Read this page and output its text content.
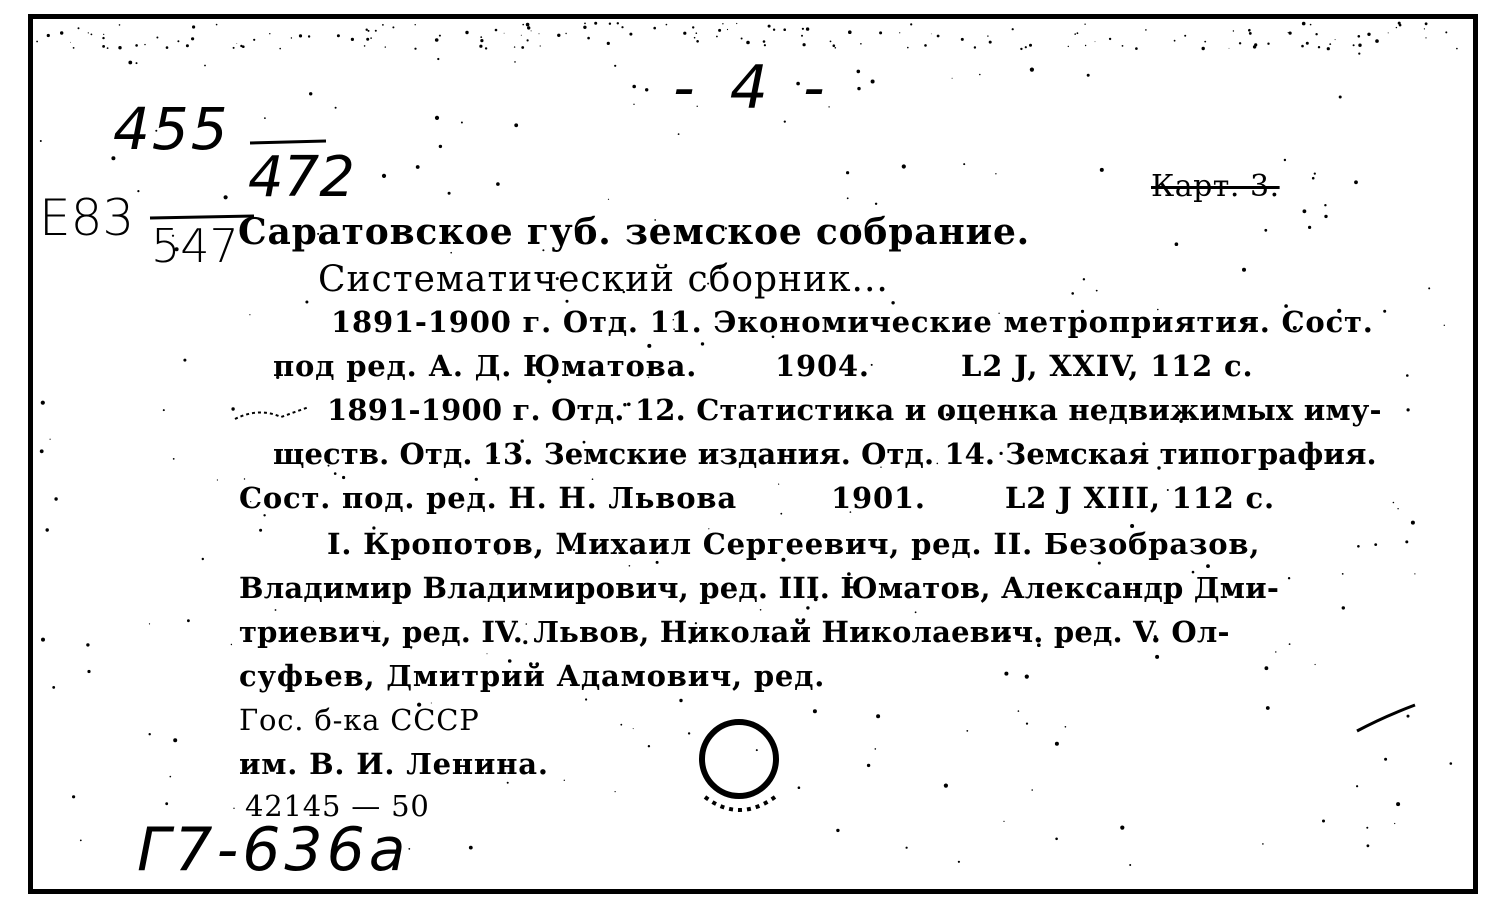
- 4 -
455
472
E83 547
Карт. 3.
Саратовское губ. земское собрание.
Систематический сборник...
1891-1900 г. Отд. 11. Экономические метроприятия. Сост.
под ред. А. Д. Юматова.	1904.	L2 J, XXIV, 112 с.
1891-1900 г. Отд. 12. Статистика и оценка недвижимых иму-
ществ. Отд. 13. Земские издания. Отд. 14. Земская типография.
Сост. под. ред. Н. Н. Львова	1901.	L2 J XIII, 112 с.
I. Кропотов, Михаил Сергеевич, ред. II. Безобразов,
Владимир Владимирович, ред. III. Юматов, Александр Дми-
триевич, ред. IV. Львов, Николай Николаевич. ред. V. Ол-
суфьев, Дмитрий Адамович, ред.
Гос. б-ка СССР
им. В. И. Ленина.
42145 — 50
Г7-636а
